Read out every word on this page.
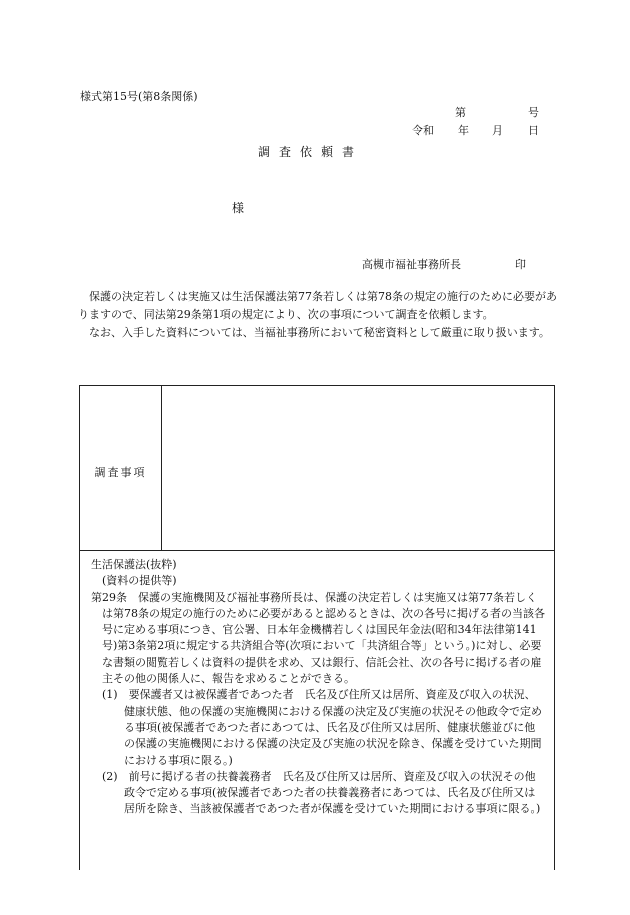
様式第15号(第8条関係)
第	号
令和 年 月 日
調査依頼書
様
高槻市福祉事務所長	印

保護の決定若しくは実施又は生活保護法第77条若しくは第78条の規定の施行のために必要がありますので、同法第29条第1項の規定により、次の事項について調査を依頼します。

なお、入手した資料については、当福祉事務所において秘密資料として厳重に取り扱います。

調査事項

生活保護法(抜粋)

(資料の提供等)

第29条　保護の実施機関及び福祉事務所長は、保護の決定若しくは実施又は第77条若しくは第78条の規定の施行のために必要があると認めるときは、次の各号に掲げる者の当該各号に定める事項につき、官公署、日本年金機構若しくは国民年金法(昭和34年法律第141号)第3条第2項に規定する共済組合等(次項において「共済組合等」という。)に対し、必要な書類の閲覧若しくは資料の提供を求め、又は銀行、信託会社、次の各号に掲げる者の雇主その他の関係人に、報告を求めることができる。

(1)　要保護者又は被保護者であつた者　氏名及び住所又は居所、資産及び収入の状況、健康状態、他の保護の実施機関における保護の決定及び実施の状況その他政令で定める事項(被保護者であつた者にあつては、氏名及び住所又は居所、健康状態並びに他の保護の実施機関における保護の決定及び実施の状況を除き、保護を受けていた期間における事項に限る。)

(2)　前号に掲げる者の扶養義務者　氏名及び住所又は居所、資産及び収入の状況その他政令で定める事項(被保護者であつた者の扶養義務者にあつては、氏名及び住所又は居所を除き、当該被保護者であつた者が保護を受けていた期間における事項に限る。)
